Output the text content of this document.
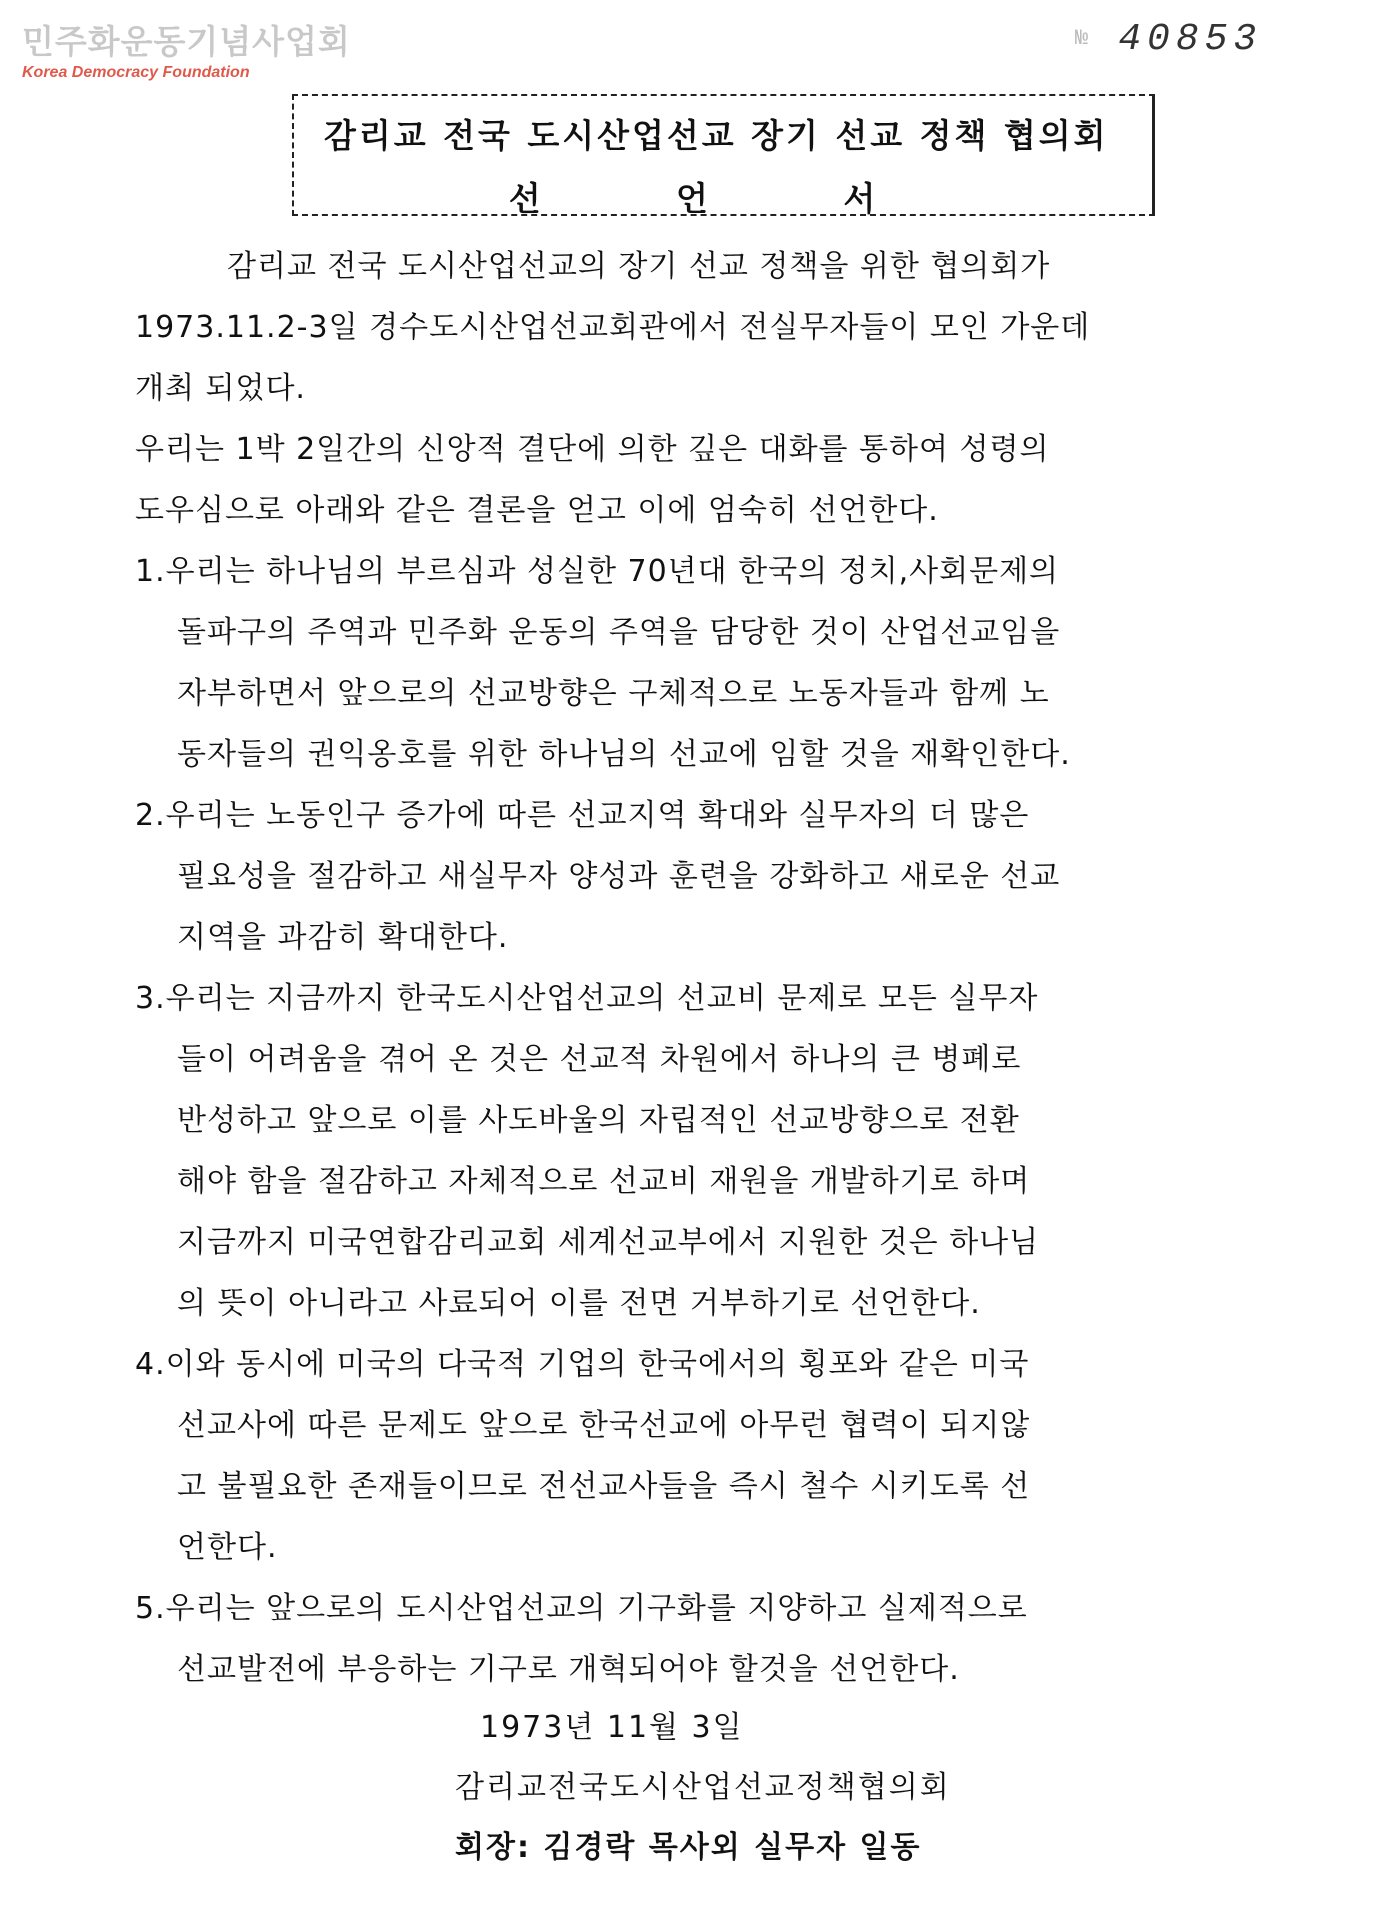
민주화운동기념사업회
Korea Democracy Foundation
№ 40853
감리교 전국 도시산업선교 장기 선교 정책 협의회
선 언 서
감리교 전국 도시산업선교의 장기 선교 정책을 위한 협의회가
1973.11.2-3일 경수도시산업선교회관에서 전실무자들이 모인 가운데
개최 되었다.
우리는 1박 2일간의 신앙적 결단에 의한 깊은 대화를 통하여 성령의
도우심으로 아래와 같은 결론을 얻고 이에 엄숙히 선언한다.
1.우리는 하나님의 부르심과 성실한 70년대 한국의 정치,사회문제의
돌파구의 주역과 민주화 운동의 주역을 담당한 것이 산업선교임을
자부하면서 앞으로의 선교방향은 구체적으로 노동자들과 함께 노
동자들의 권익옹호를 위한 하나님의 선교에 임할 것을 재확인한다.
2.우리는 노동인구 증가에 따른 선교지역 확대와 실무자의 더 많은
필요성을 절감하고 새실무자 양성과 훈련을 강화하고 새로운 선교
지역을 과감히 확대한다.
3.우리는 지금까지 한국도시산업선교의 선교비 문제로 모든 실무자
들이 어려움을 겪어 온 것은 선교적 차원에서 하나의 큰 병폐로
반성하고 앞으로 이를 사도바울의 자립적인 선교방향으로 전환
해야 함을 절감하고 자체적으로 선교비 재원을 개발하기로 하며
지금까지 미국연합감리교회 세계선교부에서 지원한 것은 하나님
의 뜻이 아니라고 사료되어 이를 전면 거부하기로 선언한다.
4.이와 동시에 미국의 다국적 기업의 한국에서의 횡포와 같은 미국
선교사에 따른 문제도 앞으로 한국선교에 아무런 협력이 되지않
고 불필요한 존재들이므로 전선교사들을 즉시 철수 시키도록 선
언한다.
5.우리는 앞으로의 도시산업선교의 기구화를 지양하고 실제적으로
선교발전에 부응하는 기구로 개혁되어야 할것을 선언한다.
1973년 11월 3일
감리교전국도시산업선교정책협의회
회장: 김경락 목사외 실무자 일동
